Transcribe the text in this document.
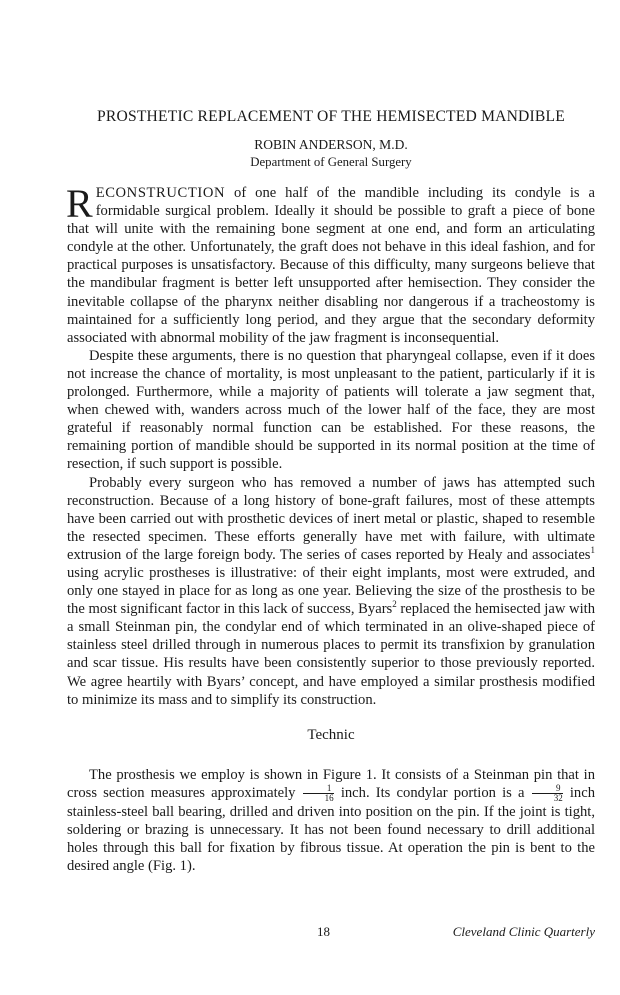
PROSTHETIC REPLACEMENT OF THE HEMISECTED MANDIBLE
ROBIN ANDERSON, M.D.
Department of General Surgery

RECONSTRUCTION of one half of the mandible including its condyle is a formidable surgical problem. Ideally it should be possible to graft a piece of bone that will unite with the remaining bone segment at one end, and form an articulating condyle at the other. Unfortunately, the graft does not behave in this ideal fashion, and for practical purposes is unsatisfactory. Because of this difficulty, many surgeons believe that the mandibular fragment is better left unsupported after hemisection. They consider the inevitable collapse of the pharynx neither disabling nor dangerous if a tracheostomy is maintained for a sufficiently long period, and they argue that the secondary deformity associated with abnormal mobility of the jaw fragment is inconsequential.

Despite these arguments, there is no question that pharyngeal collapse, even if it does not increase the chance of mortality, is most unpleasant to the patient, particularly if it is prolonged. Furthermore, while a majority of patients will tolerate a jaw segment that, when chewed with, wanders across much of the lower half of the face, they are most grateful if reasonably normal function can be established. For these reasons, the remaining portion of mandible should be supported in its normal position at the time of resection, if such support is possible.

Probably every surgeon who has removed a number of jaws has attempted such reconstruction. Because of a long history of bone-graft failures, most of these attempts have been carried out with prosthetic devices of inert metal or plastic, shaped to resemble the resected specimen. These efforts generally have met with failure, with ultimate extrusion of the large foreign body. The series of cases reported by Healy and associates$^1$ using acrylic prostheses is illustrative: of their eight implants, most were extruded, and only one stayed in place for as long as one year. Believing the size of the prosthesis to be the most significant factor in this lack of success, Byars$^2$ replaced the hemisected jaw with a small Steinman pin, the condylar end of which terminated in an olive-shaped piece of stainless steel drilled through in numerous places to permit its transfixion by granulation and scar tissue. His results have been consistently superior to those previously reported. We agree heartily with Byars’ concept, and have employed a similar prosthesis modified to minimize its mass and to simplify its construction.

Technic

The prosthesis we employ is shown in Figure 1. It consists of a Steinman pin that in cross section measures approximately $\frac{1}{16}$ inch. Its condylar portion is a $\frac{9}{32}$ inch stainless-steel ball bearing, drilled and driven into position on the pin. If the joint is tight, soldering or brazing is unnecessary. It has not been found necessary to drill additional holes through this ball for fixation by fibrous tissue. At operation the pin is bent to the desired angle (Fig. 1).

18	Cleveland Clinic Quarterly
